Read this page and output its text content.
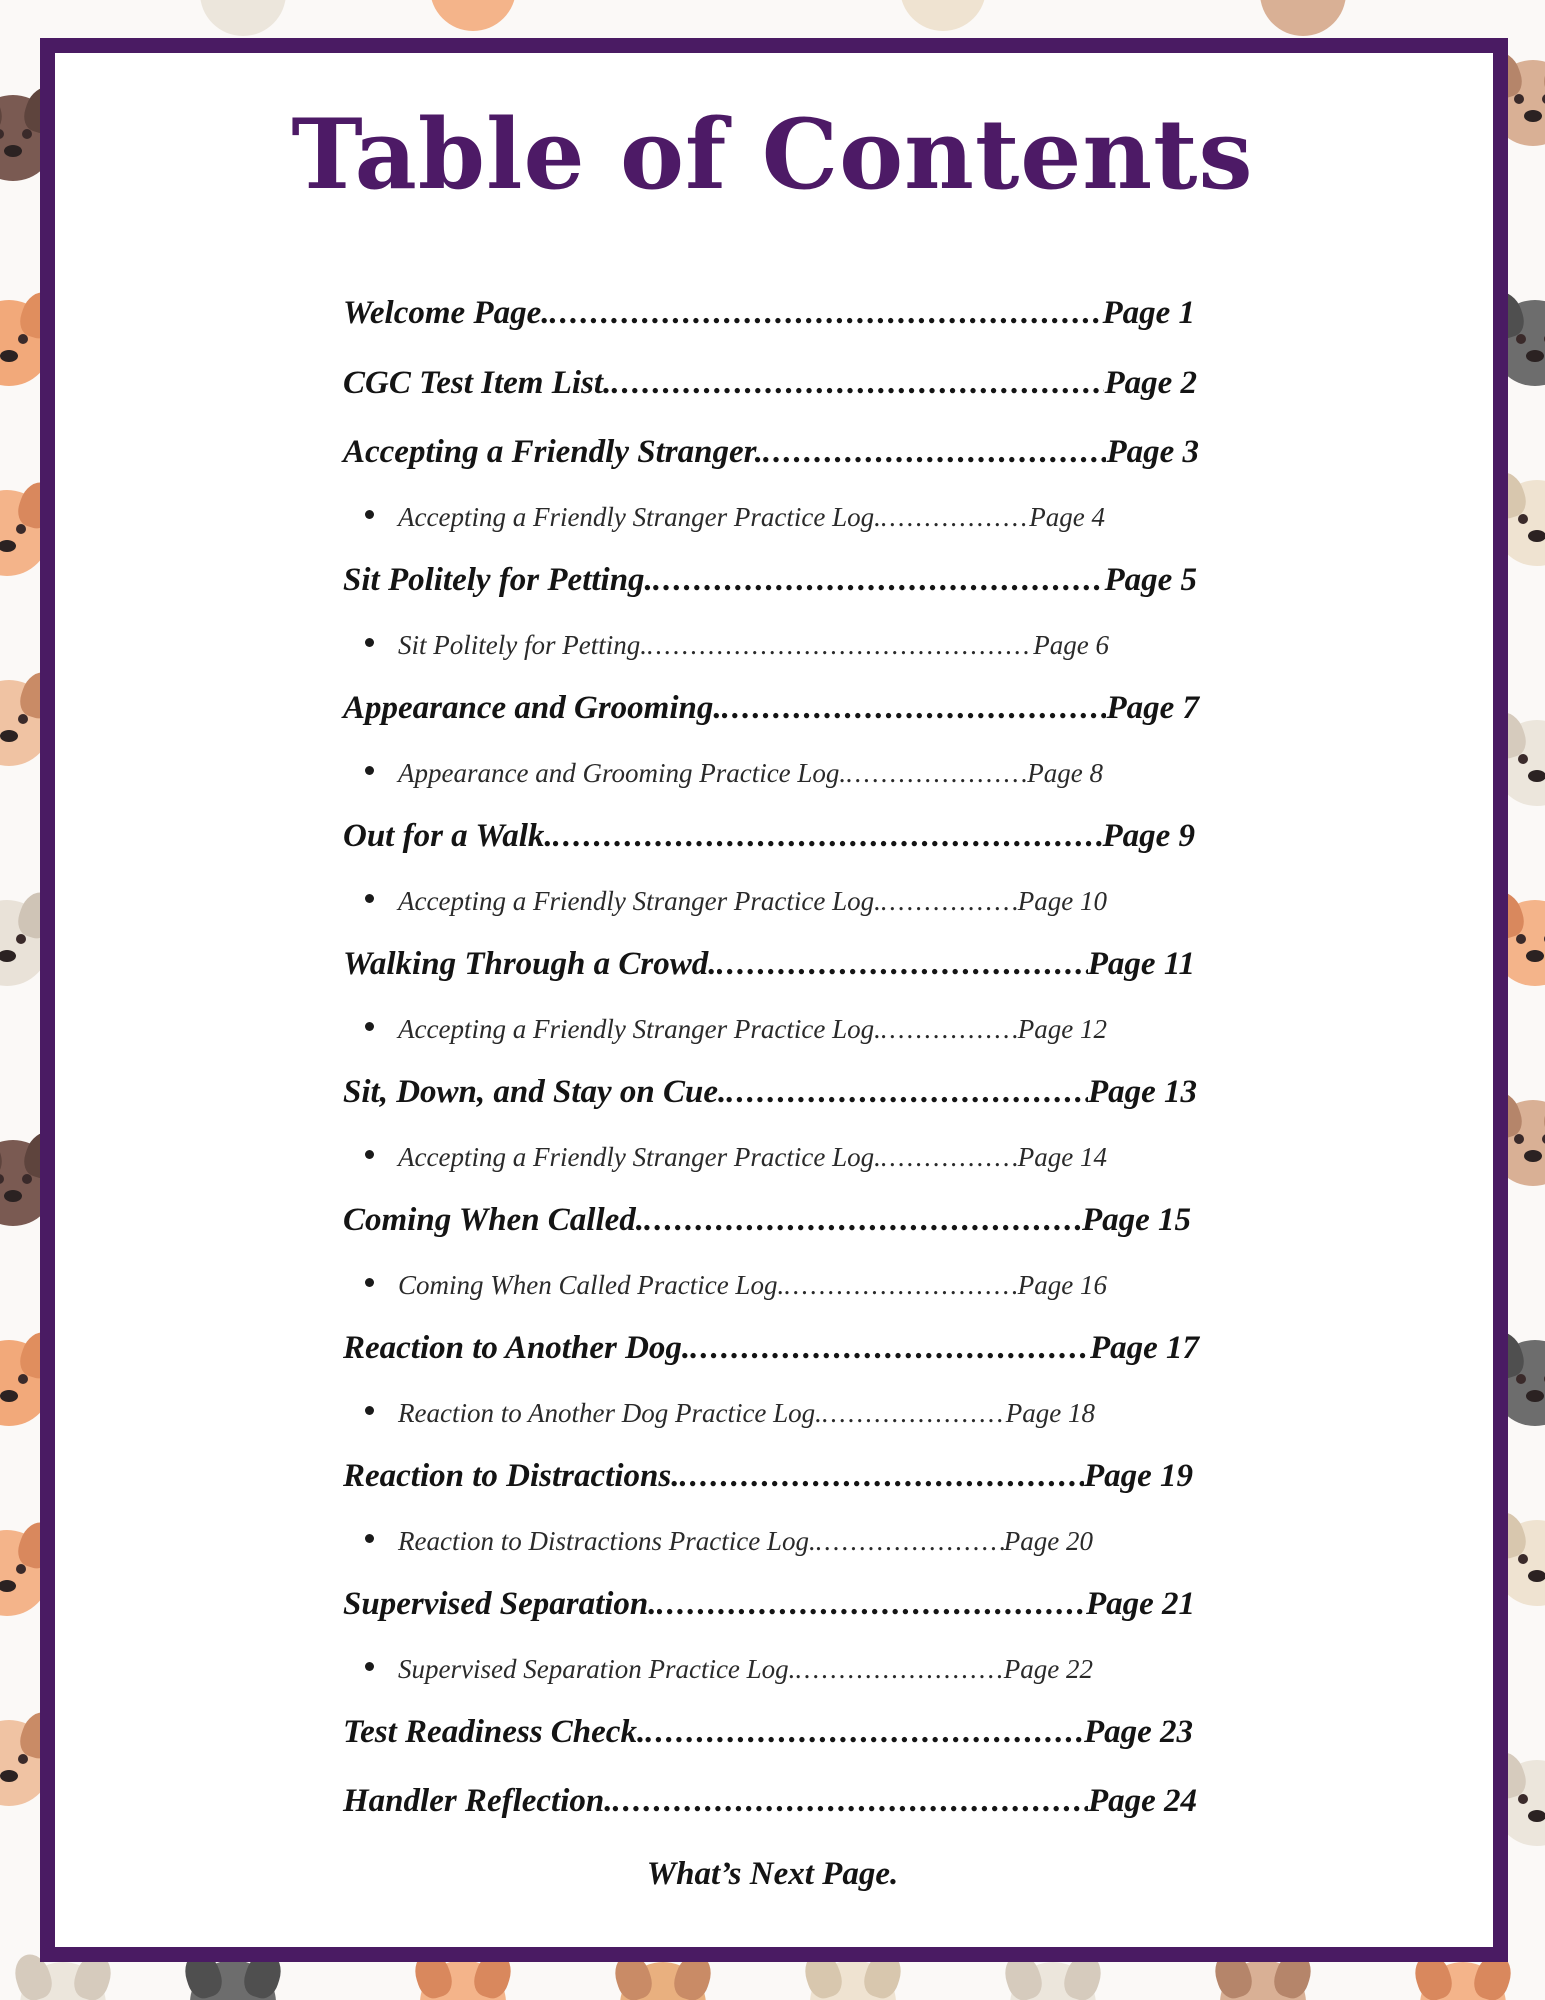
Table of Contents
Welcome Page. .....	Page 1
CGC Test Item List. .....	Page 2
Accepting a Friendly Stranger. .....	Page 3
Accepting a Friendly Stranger Practice Log. .....	Page 4
Sit Politely for Petting. .....	Page 5
Sit Politely for Petting. .....	Page 6
Appearance and Grooming. .....	Page 7
Appearance and Grooming Practice Log. .....	Page 8
Out for a Walk. .....	Page 9
Accepting a Friendly Stranger Practice Log. .....	Page 10
Walking Through a Crowd. .....	Page 11
Accepting a Friendly Stranger Practice Log. .....	Page 12
Sit, Down, and Stay on Cue. .....	Page 13
Accepting a Friendly Stranger Practice Log. .....	Page 14
Coming When Called. .....	Page 15
Coming When Called Practice Log. .....	Page 16
Reaction to Another Dog. .....	Page 17
Reaction to Another Dog Practice Log. .....	Page 18
Reaction to Distractions. .....	Page 19
Reaction to Distractions Practice Log. .....	Page 20
Supervised Separation. .....	Page 21
Supervised Separation Practice Log. .....	Page 22
Test Readiness Check. .....	Page 23
Handler Reflection. .....	Page 24
What’s Next Page.
